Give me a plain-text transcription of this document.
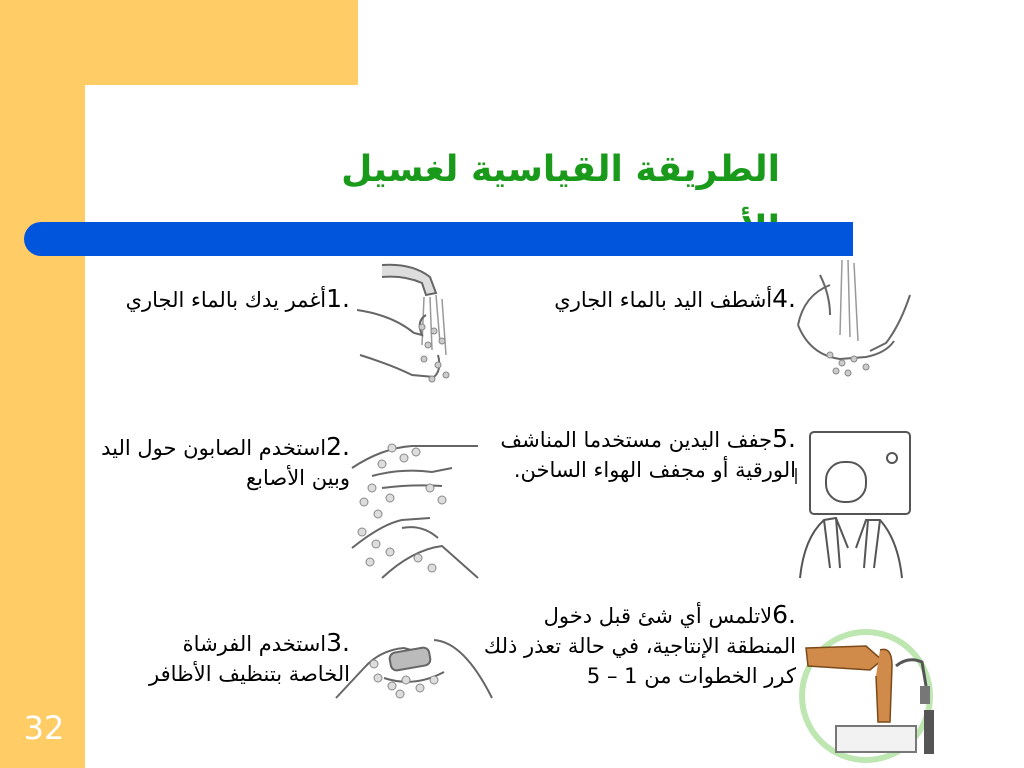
الطريقة القياسية لغسيل
32
.1أغمر يدك بالماء الجاري
.2استخدم الصابون حول اليد وبين الأصابع
.3استخدم الفرشاة الخاصة بتنظيف الأظافر
.4أشطف اليد بالماء الجاري
.5جفف اليدين مستخدما المناشف الورقية أو مجفف الهواء الساخن.
.6لاتلمس أي شئ قبل دخول المنطقة الإنتاجية، في حالة تعذر ذلك كرر الخطوات من 1 – 5
